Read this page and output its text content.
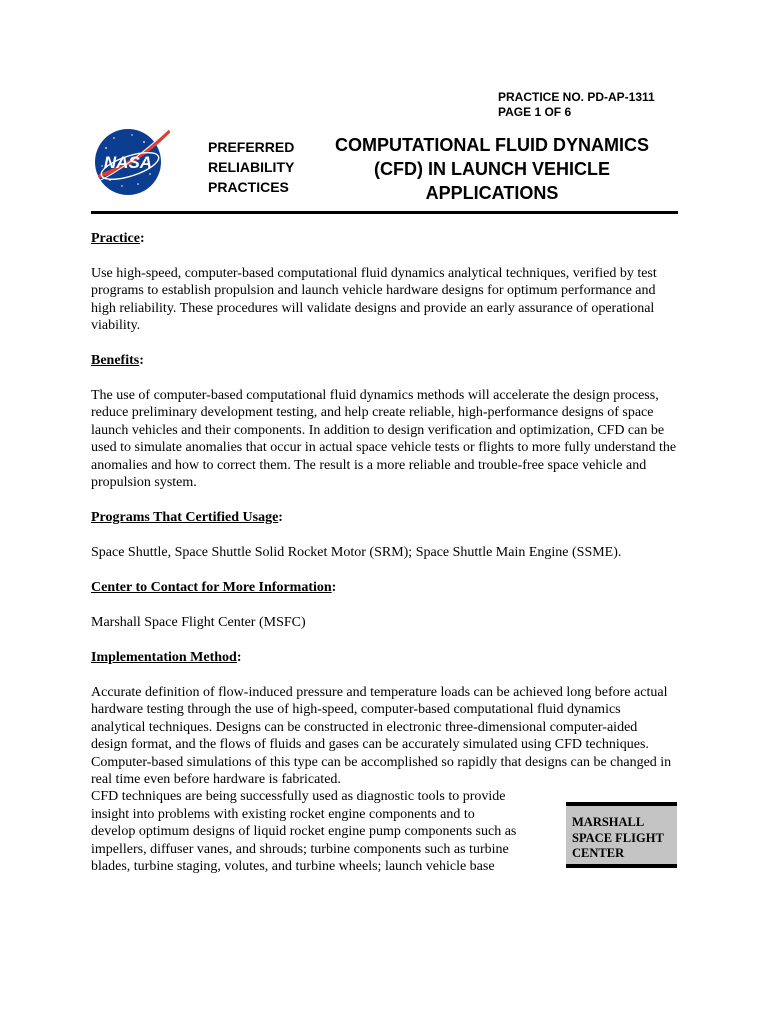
PRACTICE NO. PD-AP-1311
PAGE 1 OF 6
NASA
PREFERRED
RELIABILITY
PRACTICES
COMPUTATIONAL FLUID DYNAMICS (CFD) IN LAUNCH VEHICLE APPLICATIONS

Practice:

Use high-speed, computer-based computational fluid dynamics analytical techniques, verified by test programs to establish propulsion and launch vehicle hardware designs for optimum performance and high reliability. These procedures will validate designs and provide an early assurance of operational viability.

Benefits:

The use of computer-based computational fluid dynamics methods will accelerate the design process, reduce preliminary development testing, and help create reliable, high-performance designs of space launch vehicles and their components. In addition to design verification and optimization, CFD can be used to simulate anomalies that occur in actual space vehicle tests or flights to more fully understand the anomalies and how to correct them. The result is a more reliable and trouble-free space vehicle and propulsion system.

Programs That Certified Usage:

Space Shuttle, Space Shuttle Solid Rocket Motor (SRM); Space Shuttle Main Engine (SSME).

Center to Contact for More Information:

Marshall Space Flight Center (MSFC)

Implementation Method:

Accurate definition of flow-induced pressure and temperature loads can be achieved long before actual hardware testing through the use of high-speed, computer-based computational fluid dynamics analytical techniques. Designs can be constructed in electronic three-dimensional computer-aided design format, and the flows of fluids and gases can be accurately simulated using CFD techniques. Computer-based simulations of this type can be accomplished so rapidly that designs can be changed in real time even before hardware is fabricated.

CFD techniques are being successfully used as diagnostic tools to provide
insight into problems with existing rocket engine components and to
develop optimum designs of liquid rocket engine pump components such as
impellers, diffuser vanes, and shrouds; turbine components such as turbine
blades, turbine staging, volutes, and turbine wheels; launch vehicle base
MARSHALL
SPACE FLIGHT
CENTER
